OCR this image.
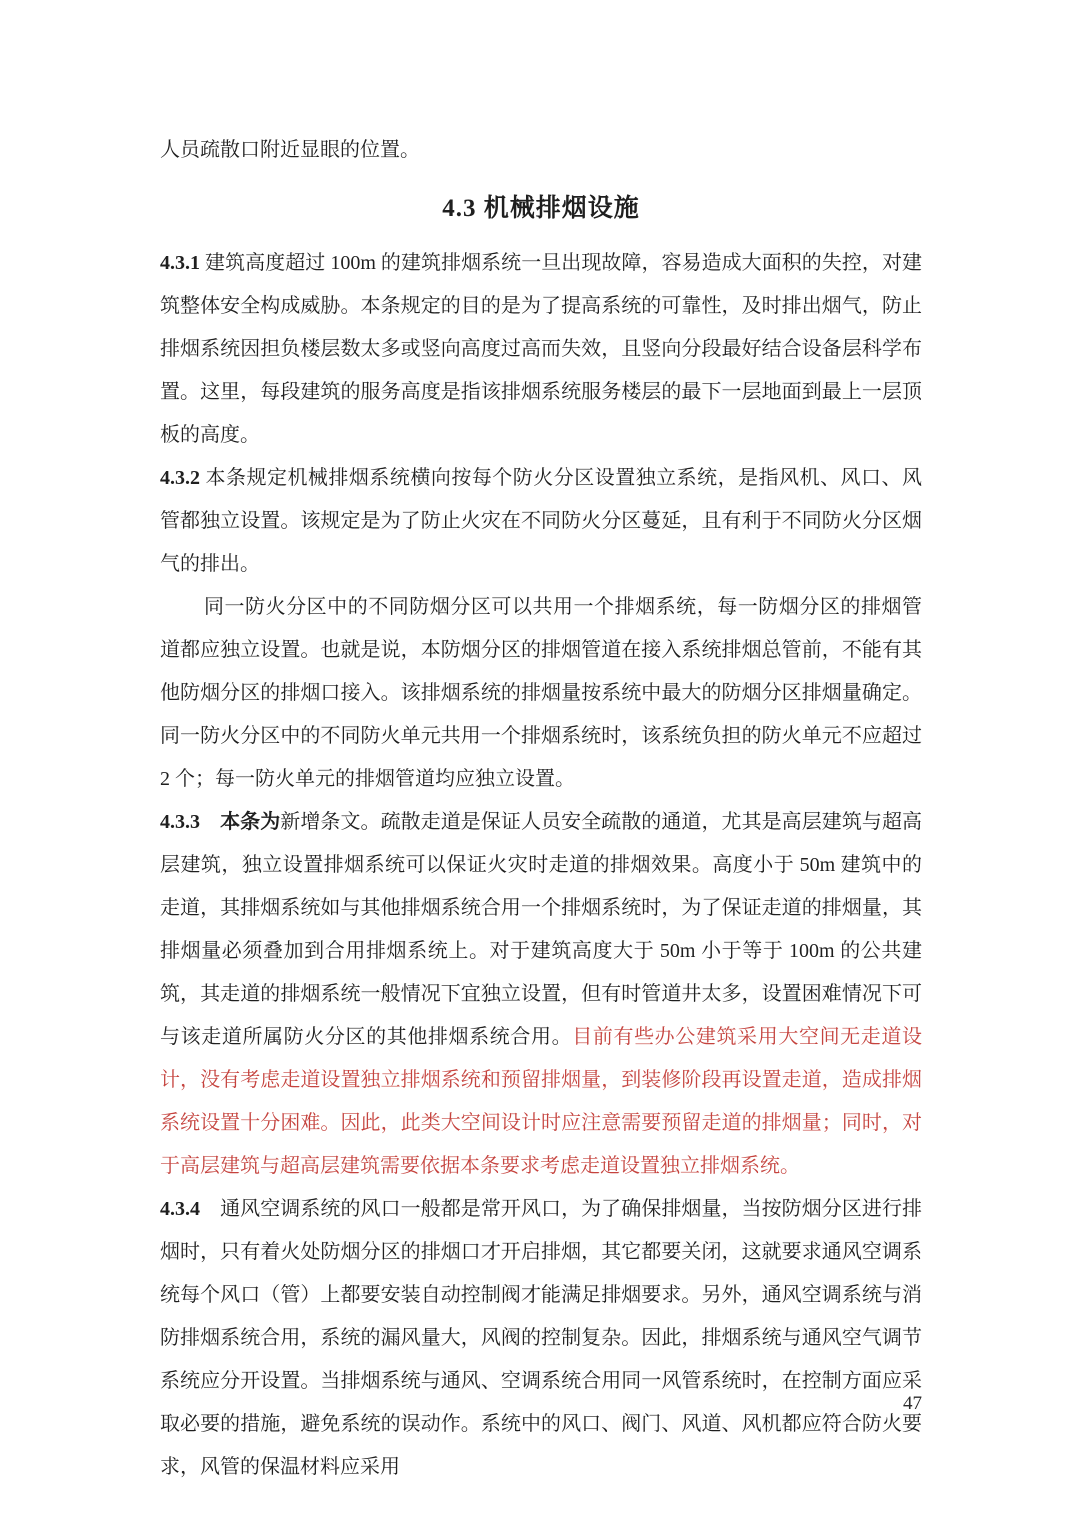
人员疏散口附近显眼的位置。

4.3 机械排烟设施

4.3.1 建筑高度超过 100m 的建筑排烟系统一旦出现故障，容易造成大面积的失控，对建筑整体安全构成威胁。本条规定的目的是为了提高系统的可靠性，及时排出烟气，防止排烟系统因担负楼层数太多或竖向高度过高而失效，且竖向分段最好结合设备层科学布置。这里，每段建筑的服务高度是指该排烟系统服务楼层的最下一层地面到最上一层顶板的高度。

4.3.2 本条规定机械排烟系统横向按每个防火分区设置独立系统，是指风机、风口、风管都独立设置。该规定是为了防止火灾在不同防火分区蔓延，且有利于不同防火分区烟气的排出。

同一防火分区中的不同防烟分区可以共用一个排烟系统，每一防烟分区的排烟管道都应独立设置。也就是说，本防烟分区的排烟管道在接入系统排烟总管前，不能有其他防烟分区的排烟口接入。该排烟系统的排烟量按系统中最大的防烟分区排烟量确定。同一防火分区中的不同防火单元共用一个排烟系统时，该系统负担的防火单元不应超过 2 个；每一防火单元的排烟管道均应独立设置。

4.3.3　本条为新增条文。疏散走道是保证人员安全疏散的通道，尤其是高层建筑与超高层建筑，独立设置排烟系统可以保证火灾时走道的排烟效果。高度小于 50m 建筑中的走道，其排烟系统如与其他排烟系统合用一个排烟系统时，为了保证走道的排烟量，其排烟量必须叠加到合用排烟系统上。对于建筑高度大于 50m 小于等于 100m 的公共建筑，其走道的排烟系统一般情况下宜独立设置，但有时管道井太多，设置困难情况下可与该走道所属防火分区的其他排烟系统合用。目前有些办公建筑采用大空间无走道设计，没有考虑走道设置独立排烟系统和预留排烟量，到装修阶段再设置走道，造成排烟系统设置十分困难。因此，此类大空间设计时应注意需要预留走道的排烟量；同时，对于高层建筑与超高层建筑需要依据本条要求考虑走道设置独立排烟系统。

4.3.4　通风空调系统的风口一般都是常开风口，为了确保排烟量，当按防烟分区进行排烟时，只有着火处防烟分区的排烟口才开启排烟，其它都要关闭，这就要求通风空调系统每个风口（管）上都要安装自动控制阀才能满足排烟要求。另外，通风空调系统与消防排烟系统合用，系统的漏风量大，风阀的控制复杂。因此，排烟系统与通风空气调节系统应分开设置。当排烟系统与通风、空调系统合用同一风管系统时，在控制方面应采取必要的措施，避免系统的误动作。系统中的风口、阀门、风道、风机都应符合防火要求，风管的保温材料应采用

47
